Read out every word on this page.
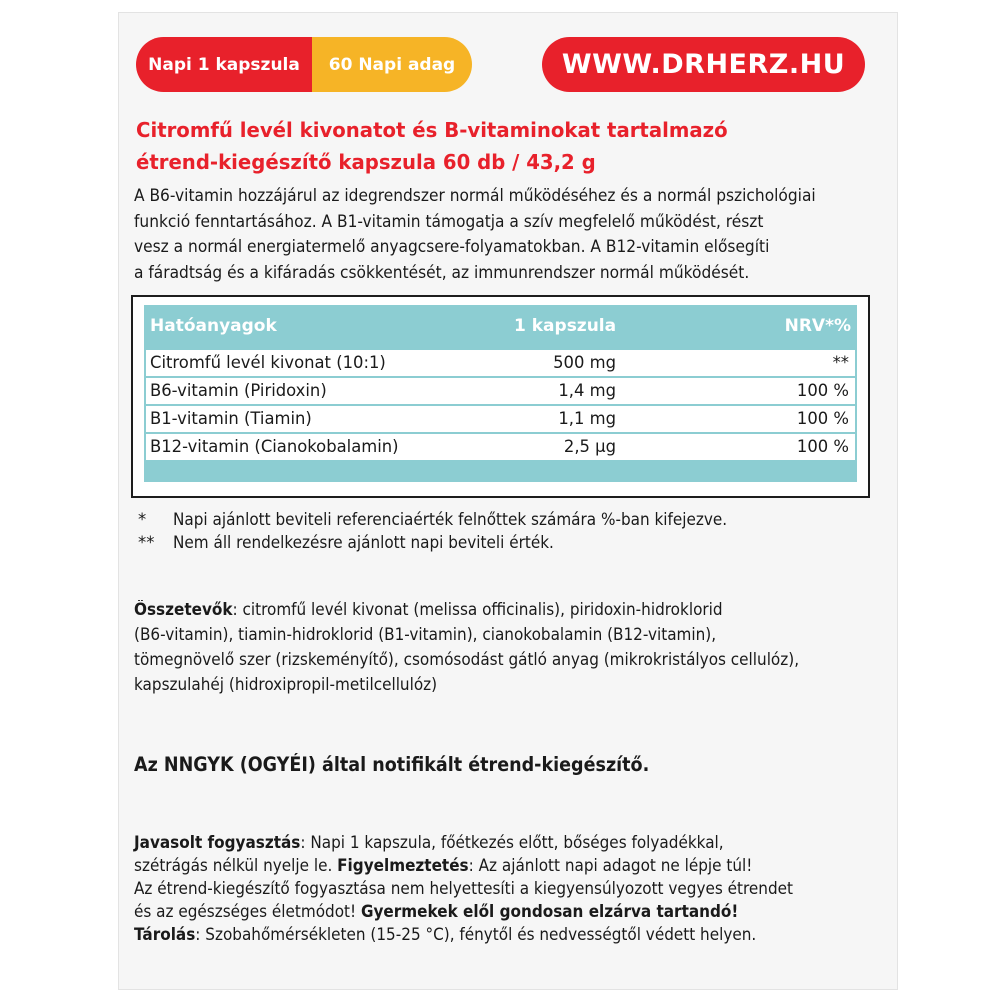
Napi 1 kapszula	60 Napi adag	WWW.DRHERZ.HU
Citromfű levél kivonatot és B-vitaminokat tartalmazó
étrend-kiegészítő kapszula 60 db / 43,2 g
A B6-vitamin hozzájárul az idegrendszer normál működéséhez és a normál pszichológiai
funkció fenntartásához. A B1-vitamin támogatja a szív megfelelő működést, részt
vesz a normál energiatermelő anyagcsere-folyamatokban. A B12-vitamin elősegíti
a fáradtság és a kifáradás csökkentését, az immunrendszer normál működését.
Hatóanyagok	1 kapszula	NRV*%
Citromfű levél kivonat (10:1)	500 mg	**
B6-vitamin (Piridoxin)	1,4 mg	100 %
B1-vitamin (Tiamin)	1,1 mg	100 %
B12-vitamin (Cianokobalamin)	2,5 μg	100 %
* Napi ajánlott beviteli referenciaérték felnőttek számára %-ban kifejezve.
** Nem áll rendelkezésre ajánlott napi beviteli érték.
Összetevők: citromfű levél kivonat (melissa officinalis), piridoxin-hidroklorid
(B6-vitamin), tiamin-hidroklorid (B1-vitamin), cianokobalamin (B12-vitamin),
tömegnövelő szer (rizskeményítő), csomósodást gátló anyag (mikrokristályos cellulóz),
kapszulahéj (hidroxipropil-metilcellulóz)
Az NNGYK (OGYÉI) által notifikált étrend-kiegészítő.
Javasolt fogyasztás: Napi 1 kapszula, főétkezés előtt, bőséges folyadékkal,
szétrágás nélkül nyelje le. Figyelmeztetés: Az ajánlott napi adagot ne lépje túl!
Az étrend-kiegészítő fogyasztása nem helyettesíti a kiegyensúlyozott vegyes étrendet
és az egészséges életmódot! Gyermekek elől gondosan elzárva tartandó!
Tárolás: Szobahőmérsékleten (15-25 °C), fénytől és nedvességtől védett helyen.
